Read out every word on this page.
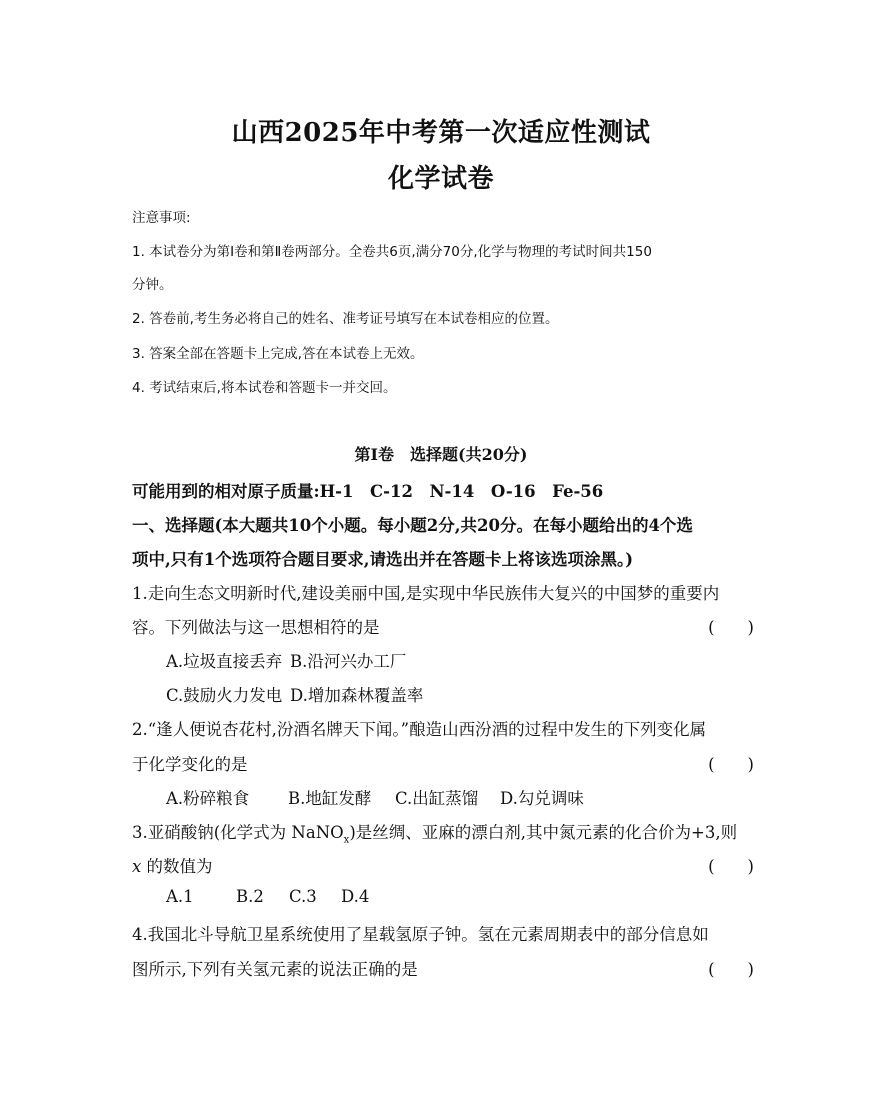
山西2025年中考第一次适应性测试
化学试卷
注意事项:
1. 本试卷分为第Ⅰ卷和第Ⅱ卷两部分。全卷共6页,满分70分,化学与物理的考试时间共150
分钟。
2. 答卷前,考生务必将自己的姓名、准考证号填写在本试卷相应的位置。
3. 答案全部在答题卡上完成,答在本试卷上无效。
4. 考试结束后,将本试卷和答题卡一并交回。
第Ⅰ卷　选择题(共20分)
可能用到的相对原子质量:H-1　C-12　N-14　O-16　Fe-56
一、选择题(本大题共10个小题。每小题2分,共20分。在每小题给出的4个选
项中,只有1个选项符合题目要求,请选出并在答题卡上将该选项涂黑。)
1.走向生态文明新时代,建设美丽中国,是实现中华民族伟大复兴的中国梦的重要内
容。下列做法与这一思想相符的是	(　　)
A.垃圾直接丢弃 B.沿河兴办工厂
C.鼓励火力发电 D.增加森林覆盖率
2.“逢人便说杏花村,汾酒名牌天下闻。”酿造山西汾酒的过程中发生的下列变化属
于化学变化的是	(　　)
A.粉碎粮食 B.地缸发酵 C.出缸蒸馏 D.勾兑调味
3.亚硝酸钠(化学式为 NaNO$_x$)是丝绸、亚麻的漂白剂,其中氮元素的化合价为+3,则
x 的数值为	(　　)
A.1	B.2 C.3 D.4
4.我国北斗导航卫星系统使用了星载氢原子钟。氢在元素周期表中的部分信息如
图所示,下列有关氢元素的说法正确的是	(　　)
